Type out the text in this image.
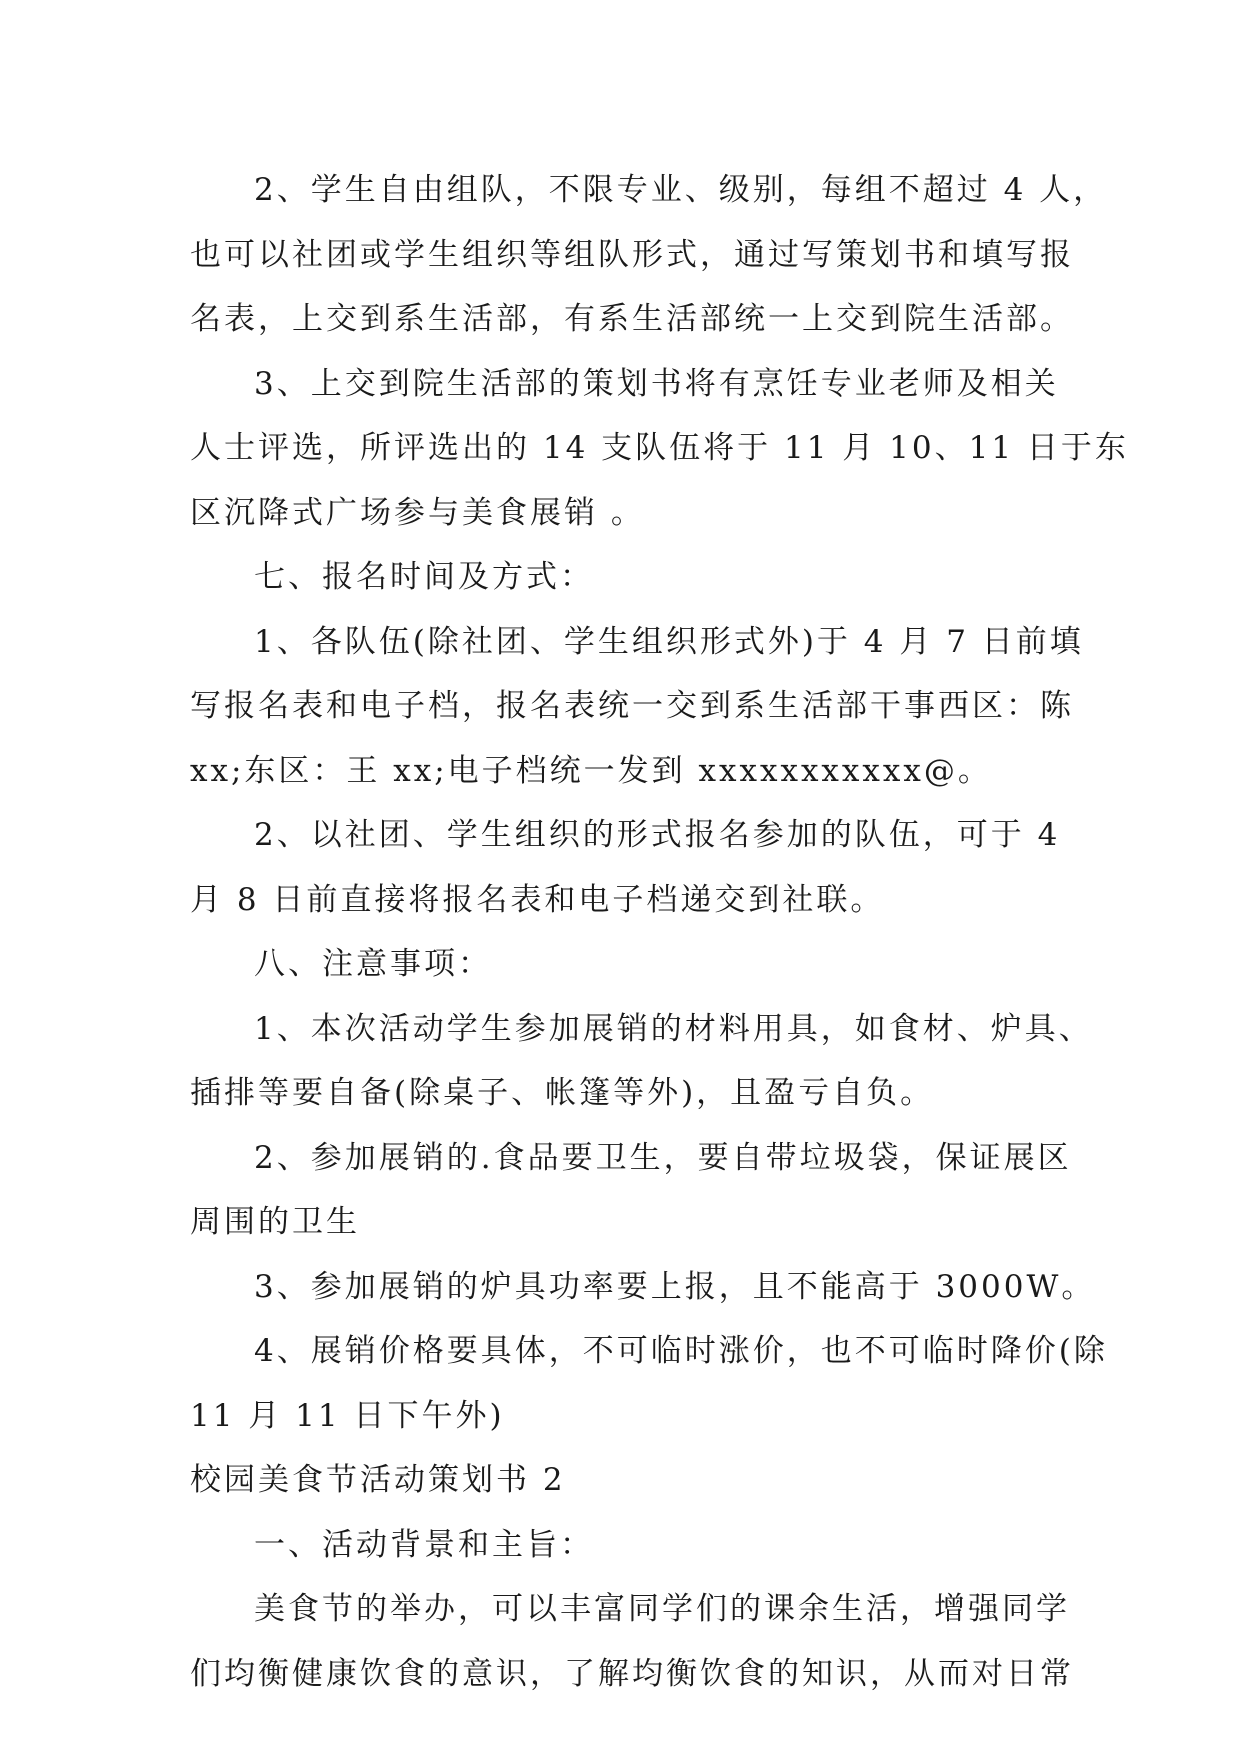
2、学生自由组队，不限专业、级别，每组不超过 4 人，
也可以社团或学生组织等组队形式，通过写策划书和填写报
名表，上交到系生活部，有系生活部统一上交到院生活部。
3、上交到院生活部的策划书将有烹饪专业老师及相关
人士评选，所评选出的 14 支队伍将于 11 月 10、11 日于东
区沉降式广场参与美食展销 。
七、报名时间及方式：
1、各队伍(除社团、学生组织形式外)于 4 月 7 日前填
写报名表和电子档，报名表统一交到系生活部干事西区：陈
xx;东区：王 xx;电子档统一发到 xxxxxxxxxxx@。
2、以社团、学生组织的形式报名参加的队伍，可于 4
月 8 日前直接将报名表和电子档递交到社联。
八、注意事项：
1、本次活动学生参加展销的材料用具，如食材、炉具、
插排等要自备(除桌子、帐篷等外)，且盈亏自负。
2、参加展销的.食品要卫生，要自带垃圾袋，保证展区
周围的卫生
3、参加展销的炉具功率要上报，且不能高于 3000W。
4、展销价格要具体，不可临时涨价，也不可临时降价(除
11 月 11 日下午外)
校园美食节活动策划书 2
一、活动背景和主旨：
美食节的举办，可以丰富同学们的课余生活，增强同学
们均衡健康饮食的意识，了解均衡饮食的知识，从而对日常
